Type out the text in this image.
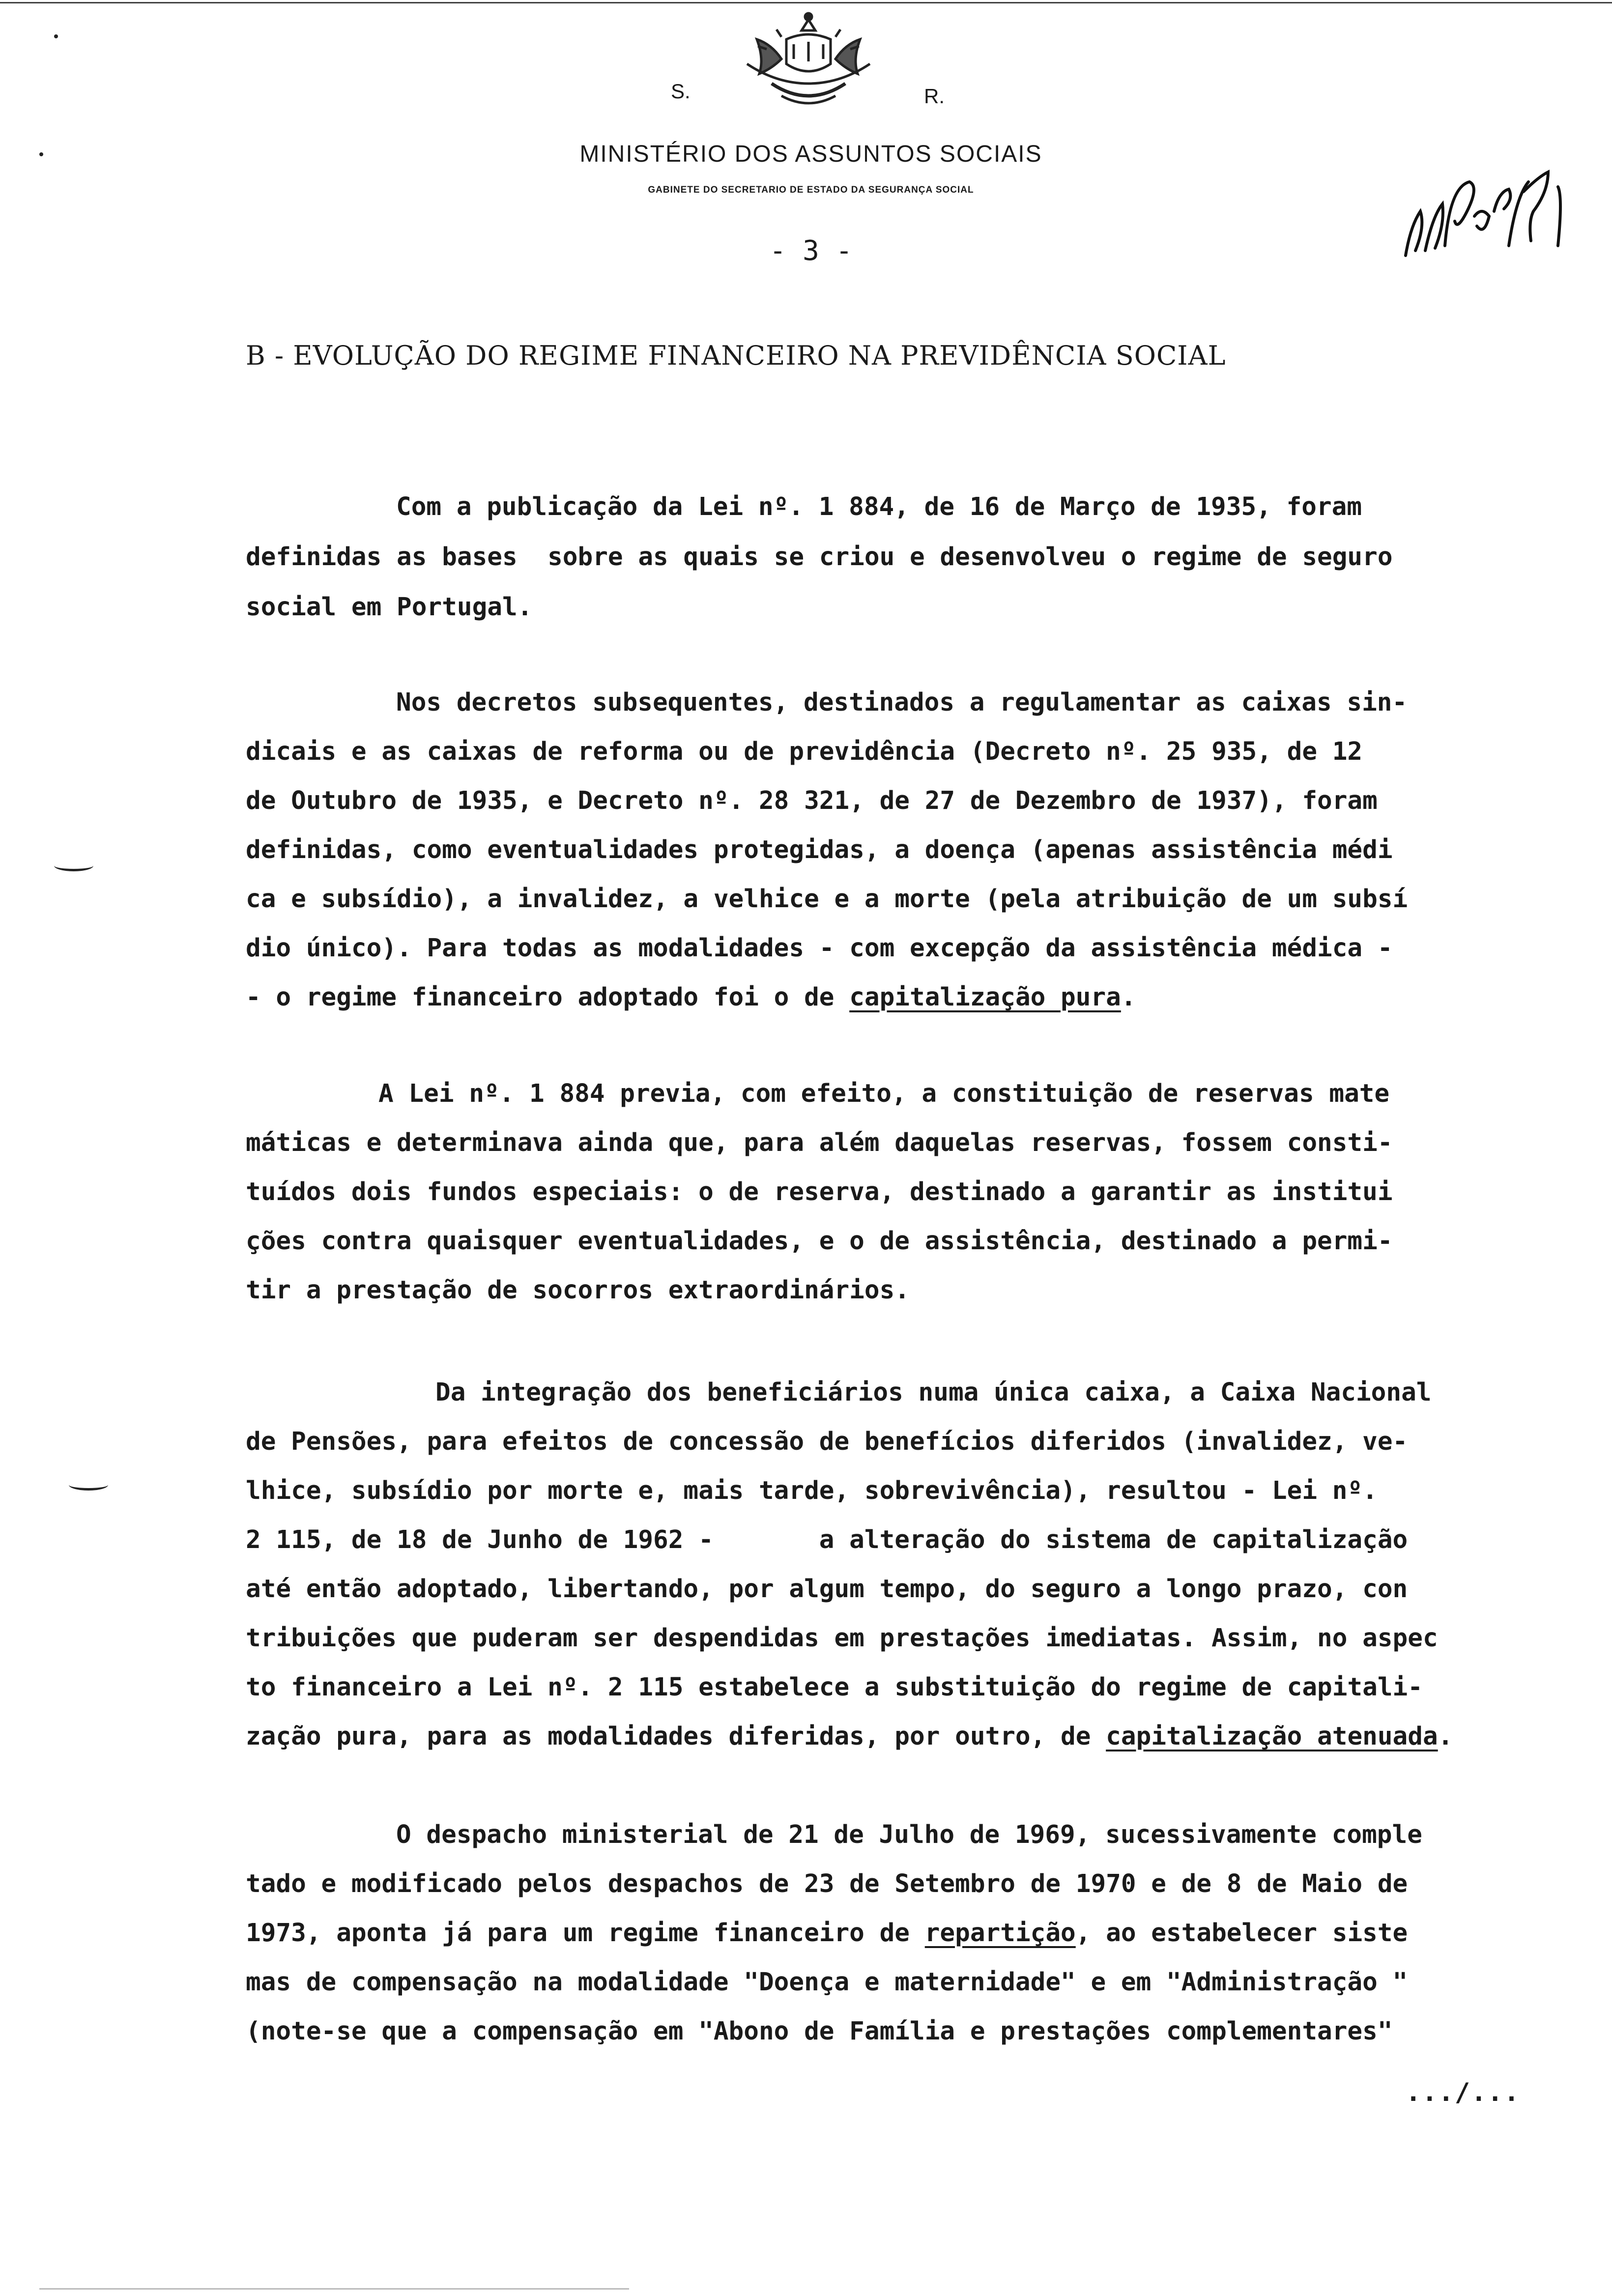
S.	R.
MINISTÉRIO DOS ASSUNTOS SOCIAIS
GABINETE DO SECRETARIO DE ESTADO DA SEGURANÇA SOCIAL
- 3 -
B - EVOLUÇÃO DO REGIME FINANCEIRO NA PREVIDÊNCIA SOCIAL
Com a publicação da Lei nº. 1 884, de 16 de Março de 1935, foram
definidas as bases  sobre as quais se criou e desenvolveu o regime de seguro
social em Portugal.
Nos decretos subsequentes, destinados a regulamentar as caixas sin-
dicais e as caixas de reforma ou de previdência (Decreto nº. 25 935, de 12
de Outubro de 1935, e Decreto nº. 28 321, de 27 de Dezembro de 1937), foram
definidas, como eventualidades protegidas, a doença (apenas assistência médi
ca e subsídio), a invalidez, a velhice e a morte (pela atribuição de um subsí
dio único). Para todas as modalidades - com excepção da assistência médica -
- o regime financeiro adoptado foi o de capitalização pura.
A Lei nº. 1 884 previa, com efeito, a constituição de reservas mate
máticas e determinava ainda que, para além daquelas reservas, fossem consti-
tuídos dois fundos especiais: o de reserva, destinado a garantir as institui
ções contra quaisquer eventualidades, e o de assistência, destinado a permi-
tir a prestação de socorros extraordinários.
Da integração dos beneficiários numa única caixa, a Caixa Nacional
de Pensões, para efeitos de concessão de benefícios diferidos (invalidez, ve-
lhice, subsídio por morte e, mais tarde, sobrevivência), resultou - Lei nº.
2 115, de 18 de Junho de 1962 -       a alteração do sistema de capitalização
até então adoptado, libertando, por algum tempo, do seguro a longo prazo, con
tribuições que puderam ser despendidas em prestações imediatas. Assim, no aspec
to financeiro a Lei nº. 2 115 estabelece a substituição do regime de capitali-
zação pura, para as modalidades diferidas, por outro, de capitalização atenuada.
O despacho ministerial de 21 de Julho de 1969, sucessivamente comple
tado e modificado pelos despachos de 23 de Setembro de 1970 e de 8 de Maio de
1973, aponta já para um regime financeiro de repartição, ao estabelecer siste
mas de compensação na modalidade "Doença e maternidade" e em "Administração "
(note-se que a compensação em "Abono de Família e prestações complementares"
.../...
